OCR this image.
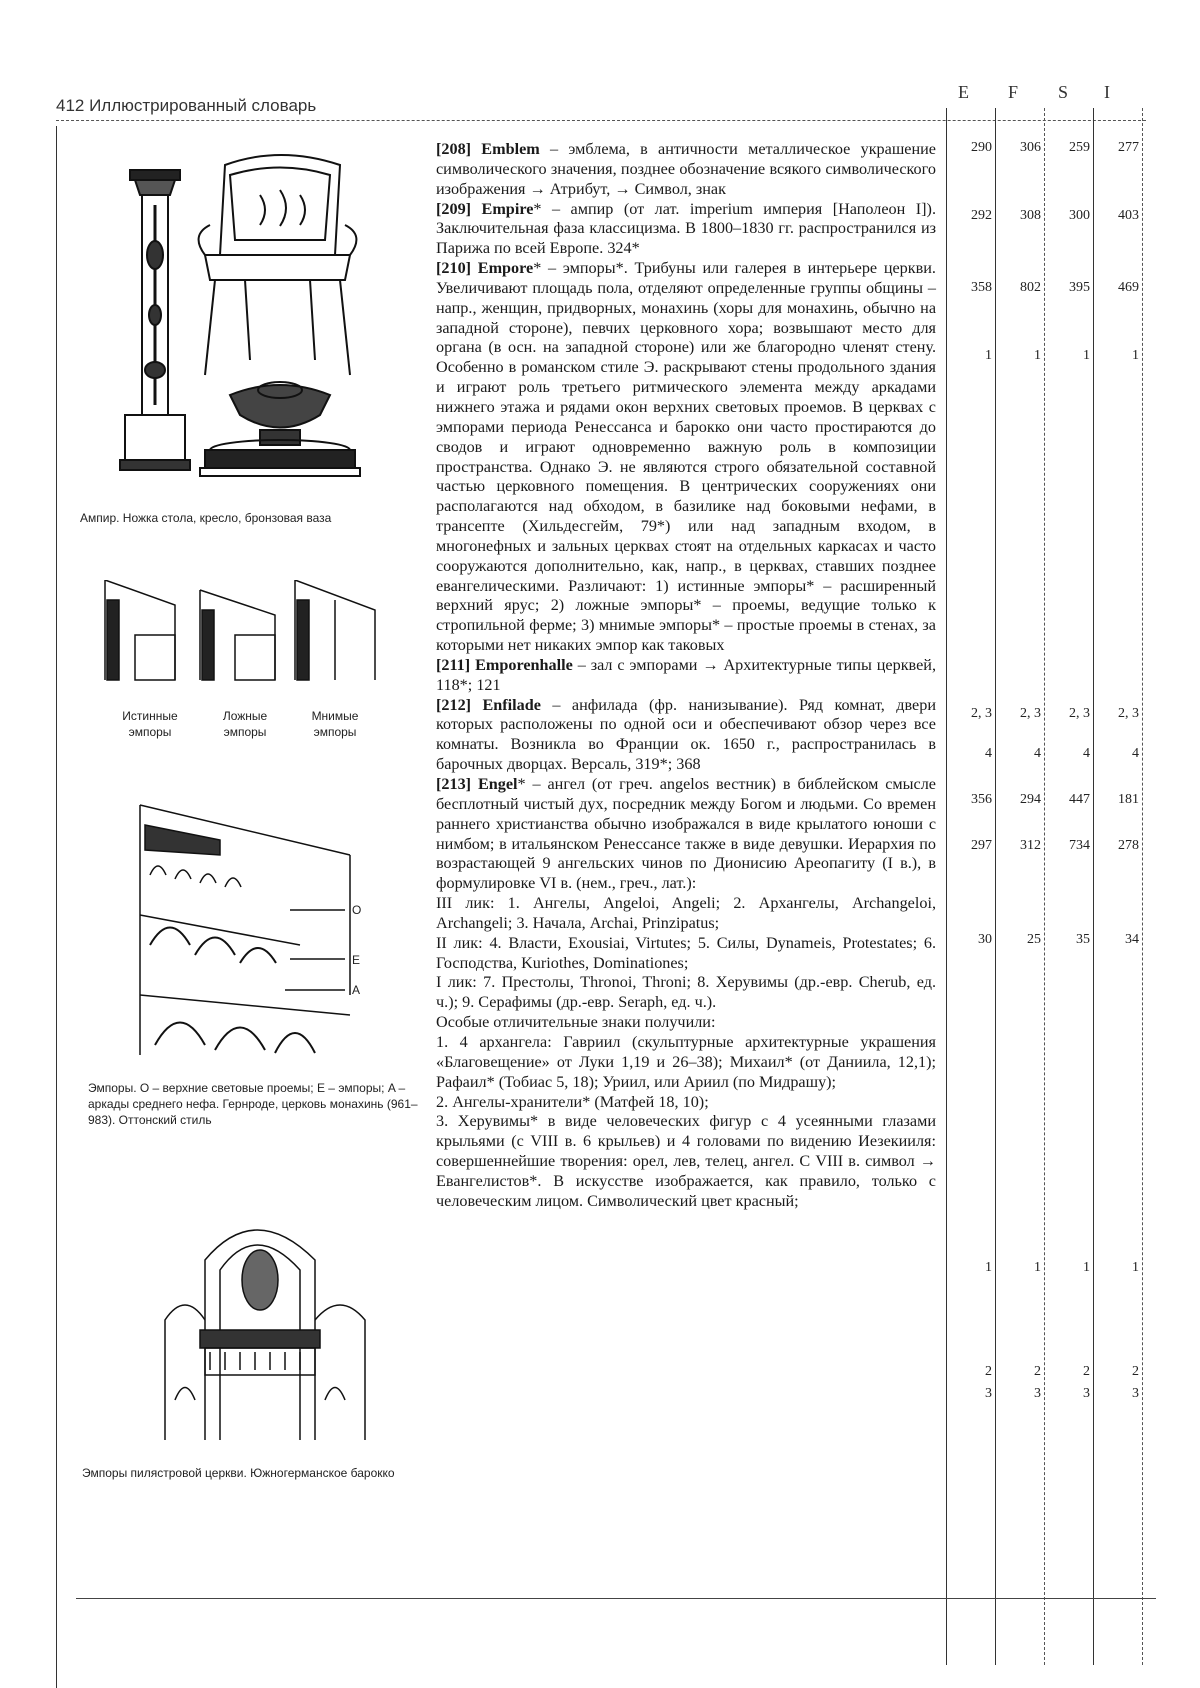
412 Иллюстрированный словарь
E F S I
Ампир. Ножка стола, кресло, бронзовая ваза
Истинные эмпоры
Ложные эмпоры
Мнимые эмпоры
O
E
A
Эмпоры. O – верхние световые проемы; E – эмпоры; A – аркады среднего нефа. Гернроде, церковь монахинь (961–983). Оттонский стиль
Эмпоры пилястровой церкви. Южногерманское барокко

[208] Emblem – эмблема, в античности металлическое украшение символического значения, позднее обозначение всякого символического изображения → Атрибут, → Символ, знак

[209] Empire* – ампир (от лат. imperium империя [Наполеон I]). Заключительная фаза классицизма. В 1800–1830 гг. распространился из Парижа по всей Европе. 324*

[210] Empore* – эмпоры*. Трибуны или галерея в интерьере церкви. Увеличивают площадь пола, отделяют определенные группы общины – напр., женщин, придворных, монахинь (хоры для монахинь, обычно на западной стороне), певчих церковного хора; возвышают место для органа (в осн. на западной стороне) или же благородно членят стену. Особенно в романском стиле Э. раскрывают стены продольного здания и играют роль третьего ритмического элемента между аркадами нижнего этажа и рядами окон верхних световых проемов. В церквах с эмпорами периода Ренессанса и барокко они часто простираются до сводов и играют одновременно важную роль в композиции пространства. Однако Э. не являются строго обязательной составной частью церковного помещения. В центрических сооружениях они располагаются над обходом, в базилике над боковыми нефами, в трансепте (Хильдесгейм, 79*) или над западным входом, в многонефных и зальных церквах стоят на отдельных каркасах и часто сооружаются дополнительно, как, напр., в церквах, ставших позднее евангелическими. Различают: 1) истинные эмпоры* – расширенный верхний ярус; 2) ложные эмпоры* – проемы, ведущие только к стропильной ферме; 3) мнимые эмпоры* – простые проемы в стенах, за которыми нет никаких эмпор как таковых

[211] Emporenhalle – зал с эмпорами → Архитектурные типы церквей, 118*; 121

[212] Enfilade – анфилада (фр. нанизывание). Ряд комнат, двери которых расположены по одной оси и обеспечивают обзор через все комнаты. Возникла во Франции ок. 1650 г., распространилась в барочных дворцах. Версаль, 319*; 368

[213] Engel* – ангел (от греч. angelos вестник) в библейском смысле бесплотный чистый дух, посредник между Богом и людьми. Со времен раннего христианства обычно изображался в виде крылатого юноши с нимбом; в итальянском Ренессансе также в виде девушки. Иерархия по возрастающей 9 ангельских чинов по Дионисию Ареопагиту (I в.), в формулировке VI в. (нем., греч., лат.):

III лик: 1. Ангелы, Angeloi, Angeli; 2. Архангелы, Archangeloi, Archangeli; 3. Начала, Archai, Prinzipatus;

II лик: 4. Власти, Exousiai, Virtutes; 5. Силы, Dynameis, Protestates; 6. Господства, Kuriothes, Dominationes;

I лик: 7. Престолы, Thronoi, Throni; 8. Херувимы (др.-евр. Cherub, ед. ч.); 9. Серафимы (др.-евр. Seraph, ед. ч.).

Особые отличительные знаки получили:

1. 4 архангела: Гавриил (скульптурные архитектурные украшения «Благовещение» от Луки 1,19 и 26–38); Михаил* (от Даниила, 12,1); Рафаил* (Тобиас 5, 18); Уриил, или Ариил (по Мидрашу);

2. Ангелы-хранители* (Матфей 18, 10);

3. Херувимы* в виде человеческих фигур с 4 усеянными глазами крыльями (с VIII в. 6 крыльев) и 4 головами по видению Иезекииля: совершеннейшие творения: орел, лев, телец, ангел. С VIII в. символ → Евангелистов*. В искусстве изображается, как правило, только с человеческим лицом. Символический цвет красный;

290	306	259	277
292	308	300	403
358	802	395	469
1	1	1	1
2, 3	2, 3	2, 3	2, 3
4	4	4	4
356	294	447	181
297	312	734	278
30	25	35	34
1	1	1	1
2	2	2	2
3	3	3	3
